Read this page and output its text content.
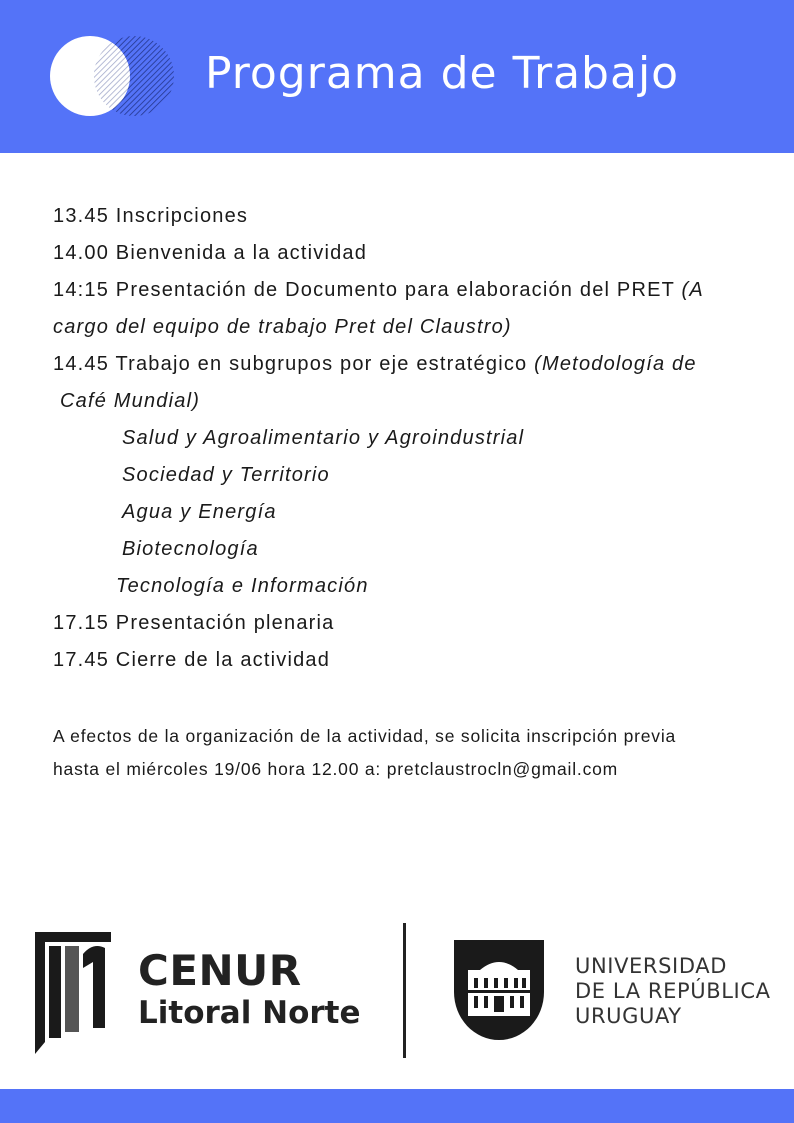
Programa de Trabajo
13.45 Inscripciones
14.00 Bienvenida a la actividad
14:15 Presentación de Documento para elaboración del PRET (A
cargo del equipo de trabajo Pret del Claustro)
14.45 Trabajo en subgrupos por eje estratégico (Metodología de
Café Mundial)
Salud y Agroalimentario y Agroindustrial
Sociedad y Territorio
Agua y Energía
Biotecnología
Tecnología e Información
17.15 Presentación plenaria
17.45 Cierre de la actividad
A efectos de la organización de la actividad, se solicita inscripción previa
hasta el miércoles 19/06 hora 12.00 a: pretclaustrocln@gmail.com
CENUR
Litoral Norte
UNIVERSIDAD
DE LA REPÚBLICA
URUGUAY
